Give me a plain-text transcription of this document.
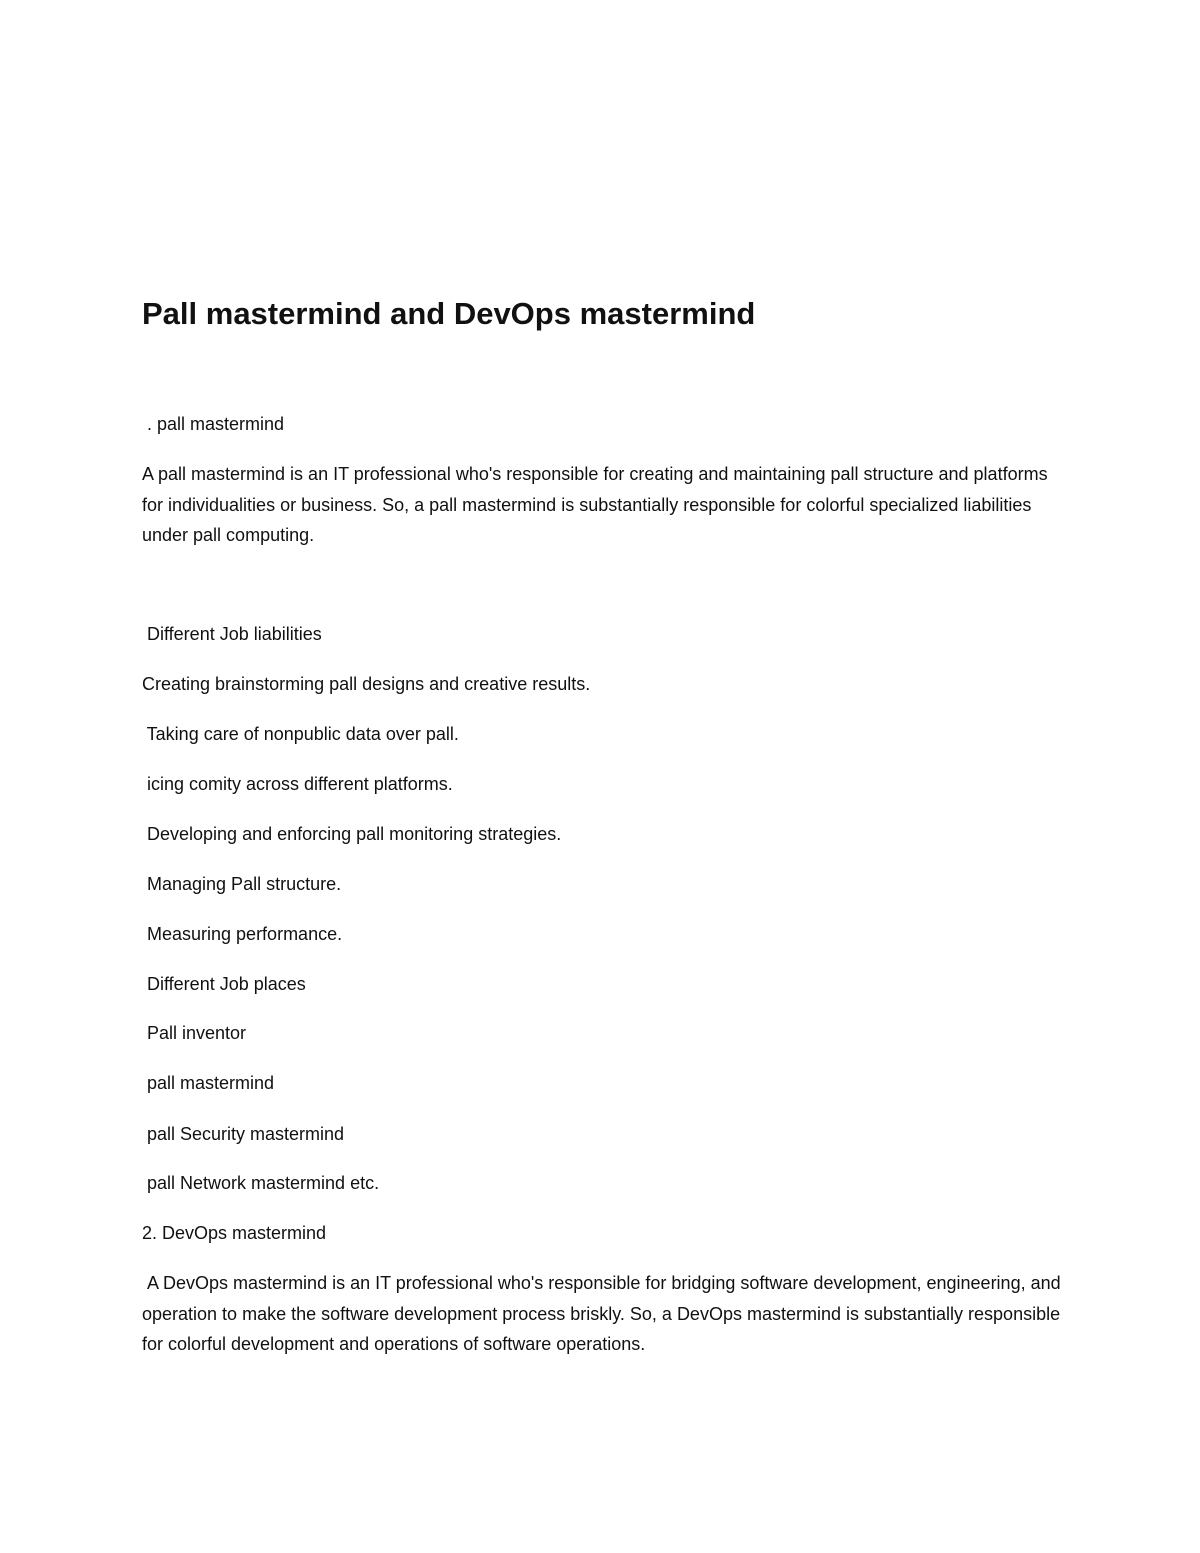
Pall mastermind and DevOps mastermind

. pall mastermind

A pall mastermind is an IT professional who's responsible for creating and maintaining pall structure and platforms for individualities or business. So, a pall mastermind is substantially responsible for colorful specialized liabilities under pall computing.

Different Job liabilities

Creating brainstorming pall designs and creative results.

Taking care of nonpublic data over pall.

icing comity across different platforms.

Developing and enforcing pall monitoring strategies.

Managing Pall structure.

Measuring performance.

Different Job places

Pall inventor

pall mastermind

pall Security mastermind

pall Network mastermind etc.

2. DevOps mastermind

A DevOps mastermind is an IT professional who's responsible for bridging software development, engineering, and operation to make the software development process briskly. So, a DevOps mastermind is substantially responsible for colorful development and operations of software operations.
